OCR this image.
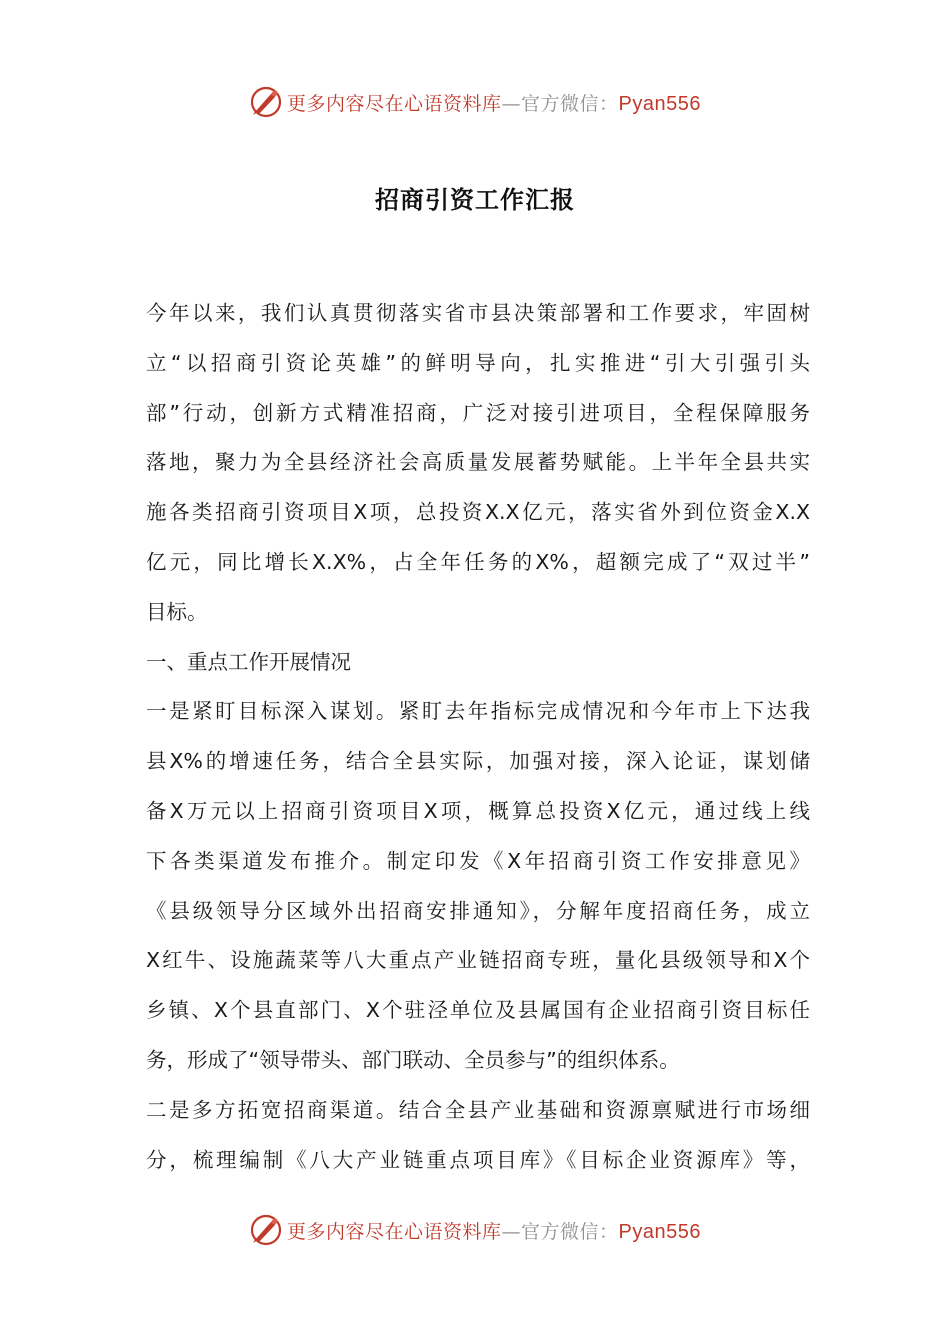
更多内容尽在心语资料库—官方微信：Pyan556
招商引资工作汇报
今年以来，我们认真贯彻落实省市县决策部署和工作要求，牢固树
立“以招商引资论英雄”的鲜明导向，扎实推进“引大引强引头
部”行动，创新方式精准招商，广泛对接引进项目，全程保障服务
落地，聚力为全县经济社会高质量发展蓄势赋能。上半年全县共实
施各类招商引资项目X项，总投资X.X亿元，落实省外到位资金X.X
亿元，同比增长X.X%，占全年任务的X%，超额完成了“双过半”
目标。
一、重点工作开展情况
一是紧盯目标深入谋划。紧盯去年指标完成情况和今年市上下达我
县X%的增速任务，结合全县实际，加强对接，深入论证，谋划储
备X万元以上招商引资项目X项，概算总投资X亿元，通过线上线
下各类渠道发布推介。制定印发《X年招商引资工作安排意见》
《县级领导分区域外出招商安排通知》，分解年度招商任务，成立
X红牛、设施蔬菜等八大重点产业链招商专班，量化县级领导和X个
乡镇、X个县直部门、X个驻泾单位及县属国有企业招商引资目标任
务，形成了“领导带头、部门联动、全员参与”的组织体系。
二是多方拓宽招商渠道。结合全县产业基础和资源禀赋进行市场细
分，梳理编制《八大产业链重点项目库》《目标企业资源库》等，
更多内容尽在心语资料库—官方微信：Pyan556
